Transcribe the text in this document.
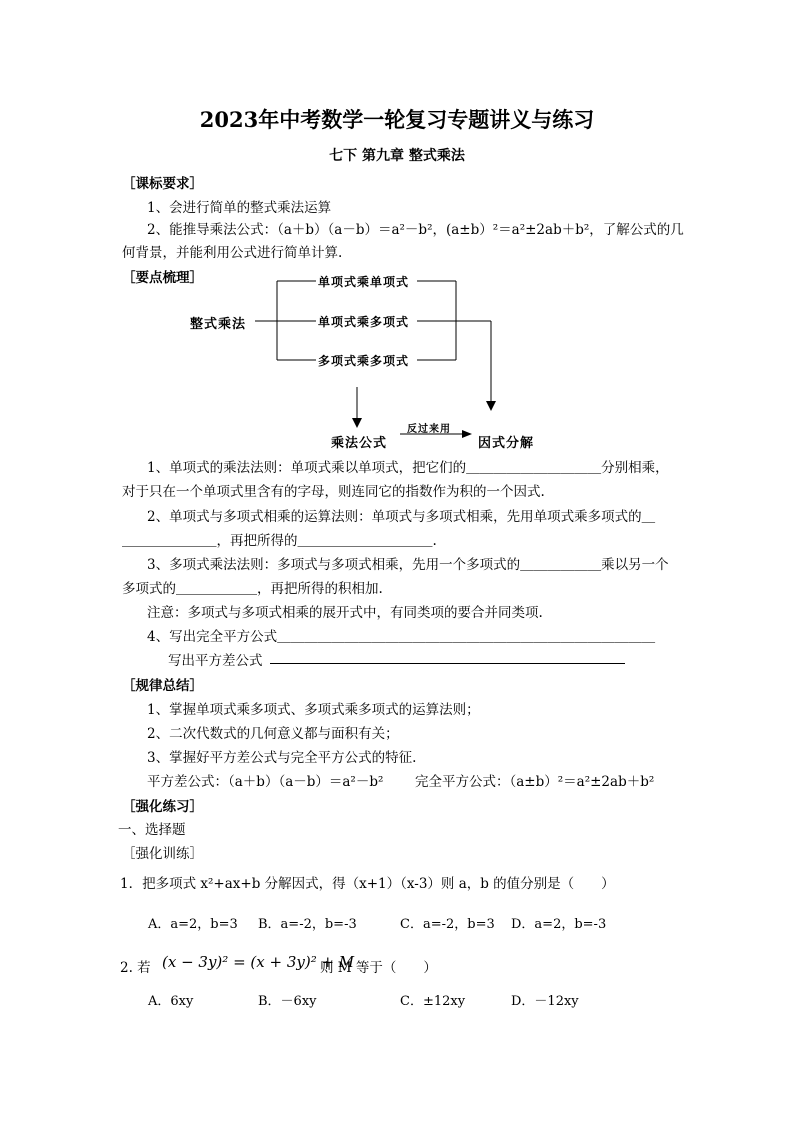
2023年中考数学一轮复习专题讲义与练习
七下 第九章 整式乘法
［课标要求］
1、会进行简单的整式乘法运算
2、能推导乘法公式：（a＋b）（a－b）＝a²－b²，(a±b）²＝a²±2ab＋b²，了解公式的几
何背景，并能利用公式进行简单计算.
［要点梳理］
整式乘法
单项式乘单项式
单项式乘多项式
多项式乘多项式
乘法公式
反过来用
因式分解
1、单项式的乘法法则：单项式乘以单项式，把它们的＿＿＿＿＿＿＿＿＿＿分别相乘，
对于只在一个单项式里含有的字母，则连同它的指数作为积的一个因式.
2、单项式与多项式相乘的运算法则：单项式与多项式相乘，先用单项式乘多项式的＿
＿＿＿＿＿＿＿，再把所得的＿＿＿＿＿＿＿＿＿＿.
3、多项式乘法法则：多项式与多项式相乘，先用一个多项式的＿＿＿＿＿＿乘以另一个
多项式的＿＿＿＿＿＿，再把所得的积相加.
注意：多项式与多项式相乘的展开式中，有同类项的要合并同类项.
4、写出完全平方公式＿＿＿＿＿＿＿＿＿＿＿＿＿＿＿＿＿＿＿＿＿＿＿＿＿＿＿＿
写出平方差公式
［规律总结］
1、掌握单项式乘多项式、多项式乘多项式的运算法则；
2、二次代数式的几何意义都与面积有关；
3、掌握好平方差公式与完全平方公式的特征.
平方差公式：（a＋b）（a－b）＝a²－b² 完全平方公式：（a±b）²＝a²±2ab＋b²
［强化练习］
一、选择题
［强化训练］
1．把多项式 x²+ax+b 分解因式，得（x+1）（x-3）则 a，b 的值分别是（　　）
A．a=2，b=3 B．a=-2，b=-3	C．a=-2，b=3 D．a=2，b=-3
2. 若 (x − 3y)² = (x + 3y)² + M
则 M 等于（　　）
A．6xy	B．－6xy	C．±12xy	D．－12xy
